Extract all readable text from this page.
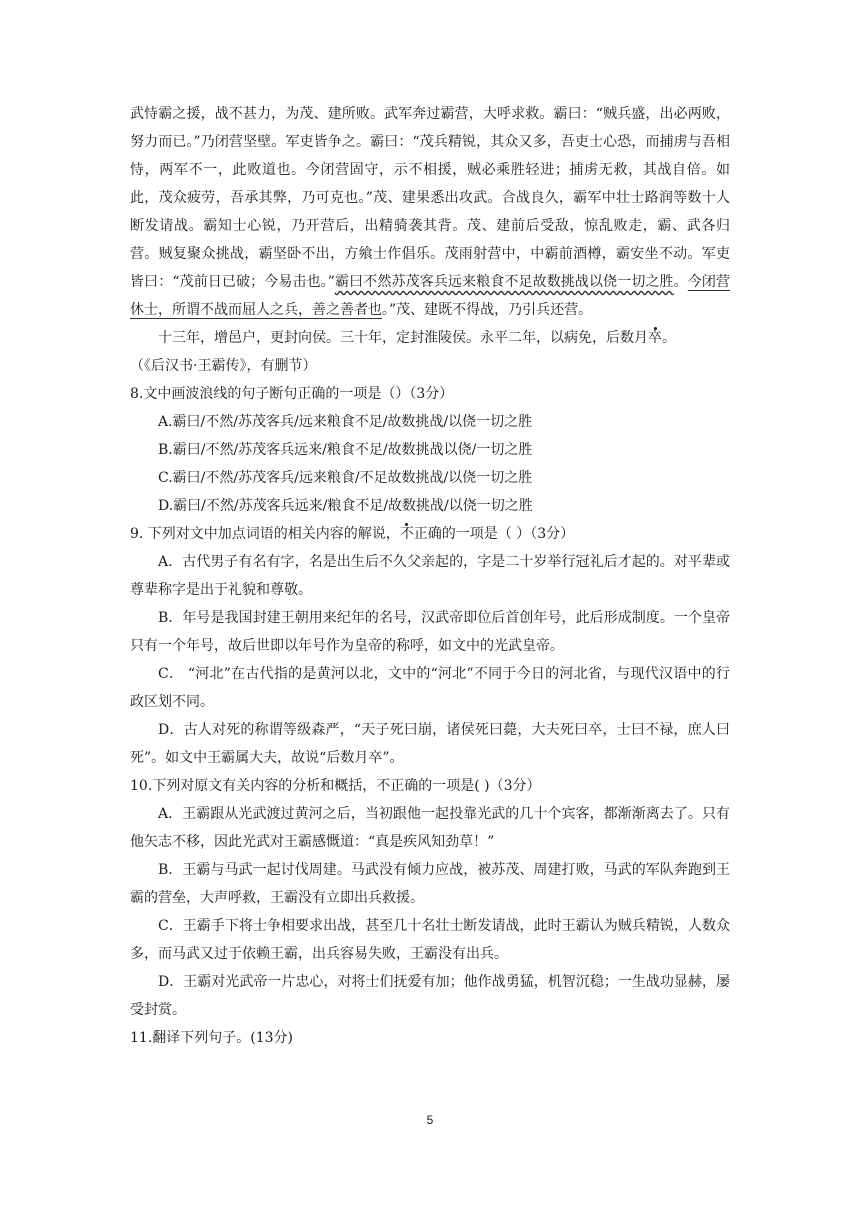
武恃霸之援，战不甚力，为茂、建所败。武军奔过霸营，大呼求救。霸曰：“贼兵盛，出必两败，努力而已。”乃闭营坚壁。军吏皆争之。霸曰：“茂兵精锐，其众又多，吾吏士心恐，而捕虏与吾相恃，两军不一，此败道也。今闭营固守，示不相援，贼必乘胜轻进；捕虏无救，其战自倍。如此，茂众疲劳，吾承其弊，乃可克也。”茂、建果悉出攻武。合战良久，霸军中壮士路润等数十人断发请战。霸知士心锐，乃开营后，出精骑袭其背。茂、建前后受敌，惊乱败走，霸、武各归营。贼复聚众挑战，霸坚卧不出，方飨士作倡乐。茂雨射营中，中霸前酒樽，霸安坐不动。军吏皆曰：“茂前日已破；今易击也。”霸曰不然苏茂客兵远来粮食不足故数挑战以侥一切之胜。今闭营休士，所谓不战而屈人之兵，善之善者也。”茂、建既不得战，乃引兵还营。

十三年，增邑户，更封向侯。三十年，定封淮陵侯。永平二年，以病免，后数月卒。

（《后汉书·王霸传》，有删节）

8.文中画波浪线的句子断句正确的一项是（）（3分）

A.霸曰/不然/苏茂客兵/远来粮食不足/故数挑战/以侥一切之胜

B.霸曰/不然/苏茂客兵远来/粮食不足/故数挑战以侥/一切之胜

C.霸曰/不然/苏茂客兵/远来粮食/不足故数挑战/以侥一切之胜

D.霸曰/不然/苏茂客兵远来/粮食不足/故数挑战/以侥一切之胜

9. 下列对文中加点词语的相关内容的解说，不正确的一项是（ ）（3分）

A．古代男子有名有字，名是出生后不久父亲起的，字是二十岁举行冠礼后才起的。对平辈或尊辈称字是出于礼貌和尊敬。

B．年号是我国封建王朝用来纪年的名号，汉武帝即位后首创年号，此后形成制度。一个皇帝只有一个年号，故后世即以年号作为皇帝的称呼，如文中的光武皇帝。

C． “河北”在古代指的是黄河以北，文中的“河北”不同于今日的河北省，与现代汉语中的行政区划不同。

D．古人对死的称谓等级森严，“天子死曰崩，诸侯死曰薨，大夫死曰卒，士曰不禄，庶人曰死”。如文中王霸属大夫，故说“后数月卒”。

10.下列对原文有关内容的分析和概括，不正确的一项是( )（3分）

A．王霸跟从光武渡过黄河之后，当初跟他一起投靠光武的几十个宾客，都渐渐离去了。只有他矢志不移，因此光武对王霸感慨道：“真是疾风知劲草！”

B．王霸与马武一起讨伐周建。马武没有倾力应战，被苏茂、周建打败，马武的军队奔跑到王霸的营垒，大声呼救，王霸没有立即出兵救援。

C．王霸手下将士争相要求出战，甚至几十名壮士断发请战，此时王霸认为贼兵精锐，人数众多，而马武又过于依赖王霸，出兵容易失败，王霸没有出兵。

D．王霸对光武帝一片忠心，对将士们抚爱有加；他作战勇猛，机智沉稳；一生战功显赫，屡受封赏。

11.翻译下列句子。(13分)

5
